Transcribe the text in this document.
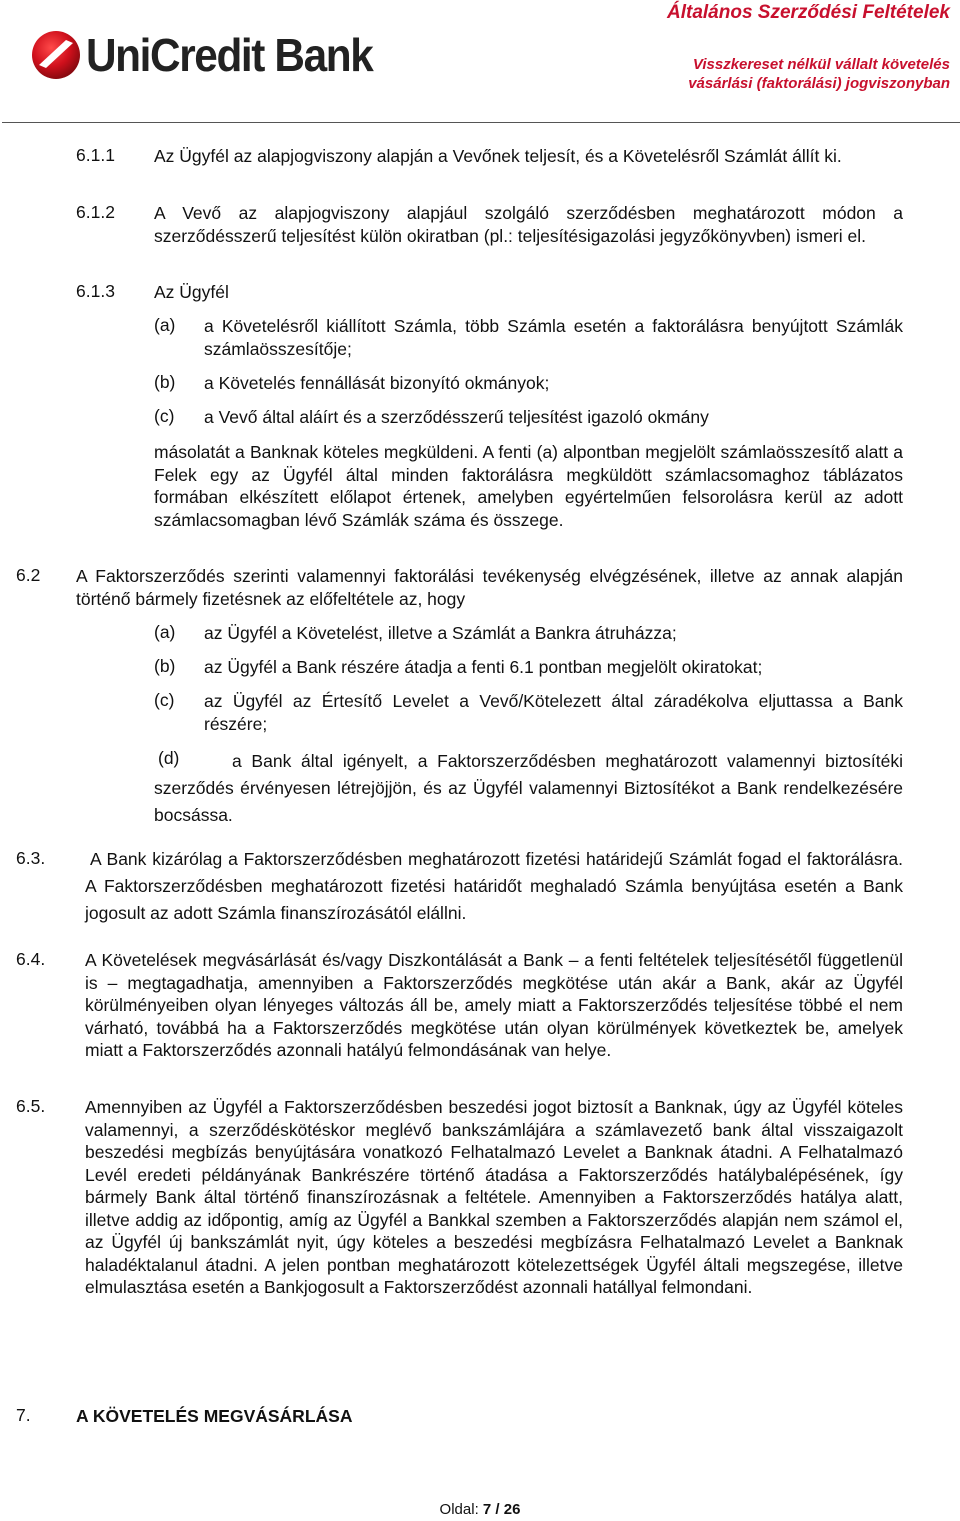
UniCredit Bank
Általános Szerződési Feltételek
Visszkereset nélkül vállalt követelés vásárlási (faktorálási) jogviszonyban
6.1.1 Az Ügyfél az alapjogviszony alapján a Vevőnek teljesít, és a Követelésről Számlát állít ki.
6.1.2 A Vevő az alapjogviszony alapjául szolgáló szerződésben meghatározott módon a szerződésszerű teljesítést külön okiratban (pl.: teljesítésigazolási jegyzőkönyvben) ismeri el.
6.1.3 Az Ügyfél
(a) a Követelésről kiállított Számla, több Számla esetén a faktorálásra benyújtott Számlák számlaösszesítője;
(b) a Követelés fennállását bizonyító okmányok;
(c) a Vevő által aláírt és a szerződésszerű teljesítést igazoló okmány
másolatát a Banknak köteles megküldeni. A fenti (a) alpontban megjelölt számlaösszesítő alatt a Felek egy az Ügyfél által minden faktorálásra megküldött számlacsomaghoz táblázatos formában elkészített előlapot értenek, amelyben egyértelműen felsorolásra kerül az adott számlacsomagban lévő Számlák száma és összege.
6.2 A Faktorszerződés szerinti valamennyi faktorálási tevékenység elvégzésének, illetve az annak alapján történő bármely fizetésnek az előfeltétele az, hogy
(a) az Ügyfél a Követelést, illetve a Számlát a Bankra átruházza;
(b) az Ügyfél a Bank részére átadja a fenti 6.1 pontban megjelölt okiratokat;
(c) az Ügyfél az Értesítő Levelet a Vevő/Kötelezett által záradékolva eljuttassa a Bank részére;
(d)	a Bank által igényelt, a Faktorszerződésben meghatározott valamennyi biztosítéki szerződés érvényesen létrejöjjön, és az Ügyfél valamennyi Biztosítékot a Bank rendelkezésére bocsássa.
6.3.	A Bank kizárólag a Faktorszerződésben meghatározott fizetési határidejű Számlát fogad el faktorálásra. A Faktorszerződésben meghatározott fizetési határidőt meghaladó Számla benyújtása esetén a Bank jogosult az adott Számla finanszírozásától elállni.
6.4. A Követelések megvásárlását és/vagy Diszkontálását a Bank – a fenti feltételek teljesítésétől függetlenül is – megtagadhatja, amennyiben a Faktorszerződés megkötése után akár a Bank, akár az Ügyfél körülményeiben olyan lényeges változás áll be, amely miatt a Faktorszerződés teljesítése többé el nem várható, továbbá ha a Faktorszerződés megkötése után olyan körülmények következtek be, amelyek miatt a Faktorszerződés azonnali hatályú felmondásának van helye.
6.5. Amennyiben az Ügyfél a Faktorszerződésben beszedési jogot biztosít a Banknak, úgy az Ügyfél köteles valamennyi, a szerződéskötéskor meglévő bankszámlájára a számlavezető bank által visszaigazolt beszedési megbízás benyújtására vonatkozó Felhatalmazó Levelet a Banknak átadni. A Felhatalmazó Levél eredeti példányának Bankrészére történő átadása a Faktorszerződés hatálybalépésének, így bármely Bank által történő finanszírozásnak a feltétele. Amennyiben a Faktorszerződés hatálya alatt, illetve addig az időpontig, amíg az Ügyfél a Bankkal szemben a Faktorszerződés alapján nem számol el, az Ügyfél új bankszámlát nyit, úgy köteles a beszedési megbízásra Felhatalmazó Levelet a Banknak haladéktalanul átadni. A jelen pontban meghatározott kötelezettségek Ügyfél általi megszegése, illetve elmulasztása esetén a Bankjogosult a Faktorszerződést azonnali hatállyal felmondani.
7.	A KÖVETELÉS MEGVÁSÁRLÁSA
Oldal: 7 / 26
